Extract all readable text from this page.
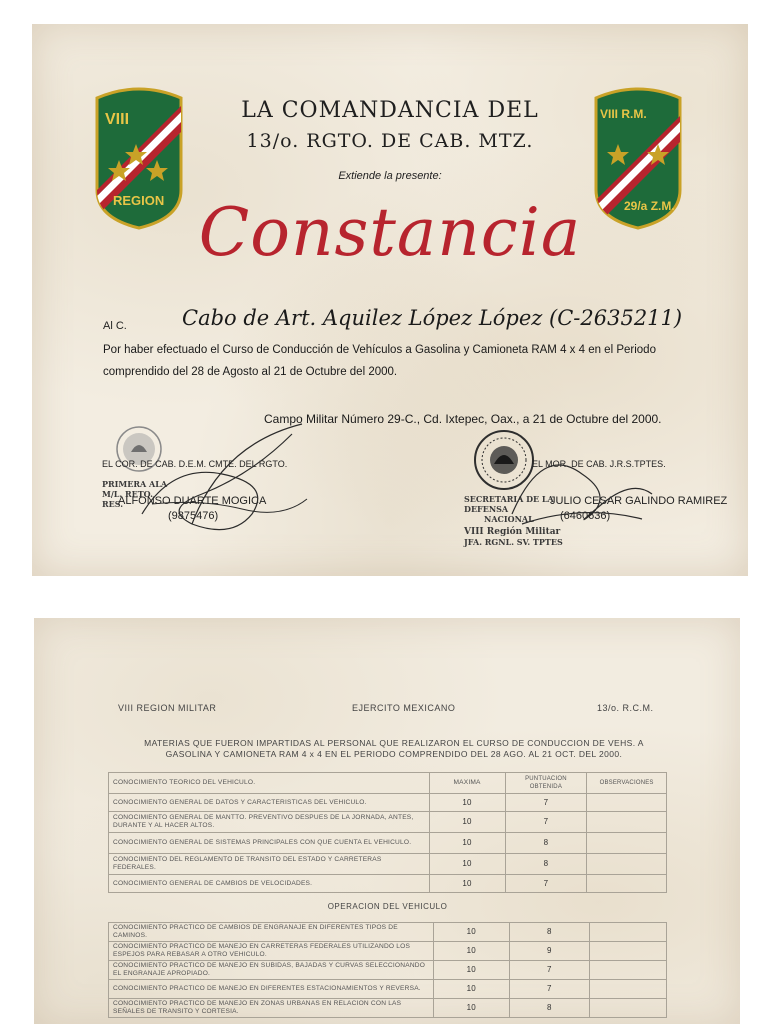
VIII
REGION
VIII R.M.
29/a Z.M.
LA COMANDANCIA DEL
13/o. RGTO. DE CAB. MTZ.
Extiende la presente:
Constancia
Al C.	Cabo de Art. Aquilez López López (C-2635211)
Por haber efectuado el Curso de Conducción de Vehículos a Gasolina y Camioneta RAM 4 x 4 en el Periodo
comprendido del 28 de Agosto al 21 de Octubre del 2000.
Campo Militar Número 29-C., Cd. Ixtepec, Oax., a 21 de Octubre del 2000.
PRIMERA ALA
M/L. RETO. RES.
EL COR. DE CAB. D.E.M. CMTE. DEL RGTO.
ALFONSO DUARTE MOGICA
(9875476)
SECRETARIA DE LA DEFENSA
NACIONAL
VIII Región Militar
JFA. RGNL. SV. TPTES
EL MOR. DE CAB. J.R.S.TPTES.
JULIO CESAR GALINDO RAMIREZ
(6460636)
VIII REGION MILITAR	EJERCITO MEXICANO	13/o. R.C.M.
MATERIAS QUE FUERON IMPARTIDAS AL PERSONAL QUE REALIZARON EL CURSO DE CONDUCCION DE VEHS. A
GASOLINA Y CAMIONETA RAM 4 x 4 EN EL PERIODO COMPRENDIDO DEL 28 AGO. AL 21 OCT. DEL 2000.
CONOCIMIENTO TEORICO DEL VEHICULO.	MAXIMA	PUNTUACION OBTENIDA	OBSERVACIONES
CONOCIMIENTO GENERAL DE DATOS Y CARACTERISTICAS DEL VEHICULO.	10	7	
CONOCIMIENTO GENERAL DE MANTTO. PREVENTIVO DESPUES DE LA JORNADA, ANTES, DURANTE Y AL HACER ALTOS.	10	7	
CONOCIMIENTO GENERAL DE SISTEMAS PRINCIPALES CON QUE CUENTA EL VEHICULO.	10	8	
CONOCIMIENTO DEL REGLAMENTO DE TRANSITO DEL ESTADO Y CARRETERAS FEDERALES.	10	8	
CONOCIMIENTO GENERAL DE CAMBIOS DE VELOCIDADES.	10	7	
OPERACION DEL VEHICULO
CONOCIMIENTO PRACTICO DE CAMBIOS DE ENGRANAJE EN DIFERENTES TIPOS DE CAMINOS.	10	8	
CONOCIMIENTO PRACTICO DE MANEJO EN CARRETERAS FEDERALES UTILIZANDO LOS ESPEJOS PARA REBASAR A OTRO VEHICULO.	10	9	
CONOCIMIENTO PRACTICO DE MANEJO EN SUBIDAS, BAJADAS Y CURVAS SELECCIONANDO EL ENGRANAJE APROPIADO.	10	7	
CONOCIMIENTO PRACTICO DE MANEJO EN DIFERENTES ESTACIONAMIENTOS Y REVERSA.	10	7	
CONOCIMIENTO PRACTICO DE MANEJO EN ZONAS URBANAS EN RELACION CON LAS SEÑALES DE TRANSITO Y CORTESIA.	10	8	
